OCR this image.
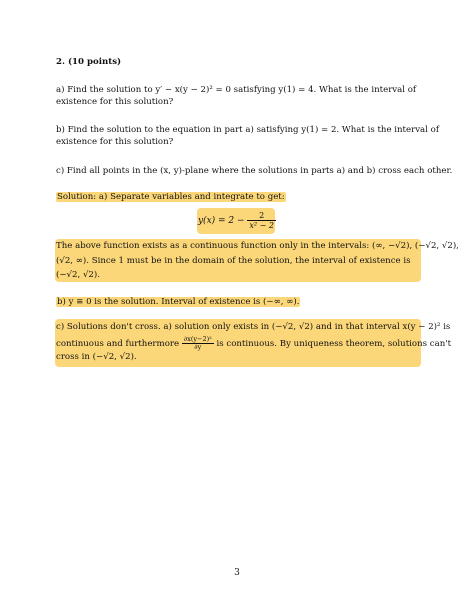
2. (10 points)
a) Find the solution to y′ − x(y − 2)² = 0 satisfying y(1) = 4. What is the interval of
existence for this solution?
b) Find the solution to the equation in part a) satisfying y(1) = 2. What is the interval of
existence for this solution?
c) Find all points in the (x, y)-plane where the solutions in parts a) and b) cross each other.
Solution: a) Separate variables and integrate to get:
$y(x) = 2 - \frac{2}{\text{x² − 2}}$
The above function exists as a continuous function only in the intervals: (∞, −√2), (−√2, √2),
(√2, ∞). Since 1 must be in the domain of the solution, the interval of existence is
(−√2, √2).
b) y ≡ 0 is the solution. Interval of existence is (−∞, ∞).
c) Solutions don't cross. a) solution only exists in (−√2, √2) and in that interval x(y − 2)² is
continuous and furthermore $\frac{\text{∂x(y−2)²}}{\partial y}$ is continuous. By uniqueness theorem, solutions can't
cross in (−√2, √2).
3
